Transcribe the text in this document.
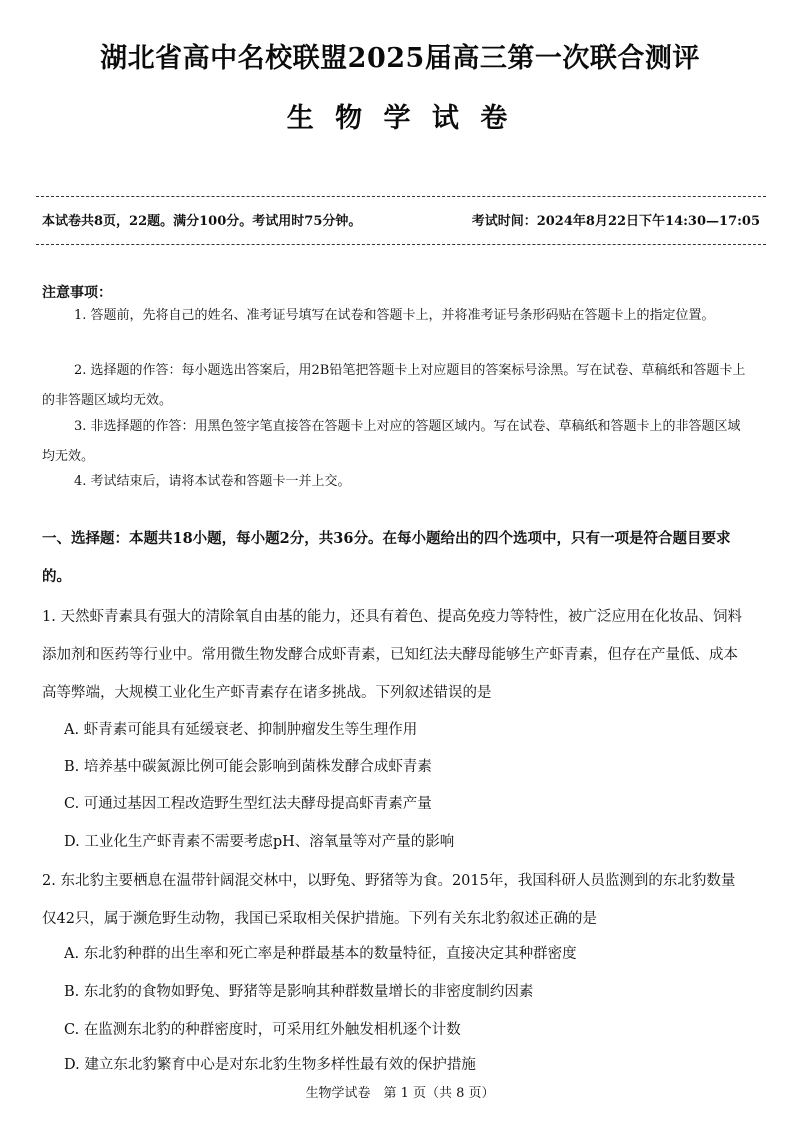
湖北省高中名校联盟2025届高三第一次联合测评
生 物 学 试 卷
本试卷共8页，22题。满分100分。考试用时75分钟。	考试时间：2024年8月22日下午14:30—17:05
注意事项：

1. 答题前，先将自己的姓名、准考证号填写在试卷和答题卡上，并将准考证号条形码贴在答题卡上的指定位置。

2. 选择题的作答：每小题选出答案后，用2B铅笔把答题卡上对应题目的答案标号涂黑。写在试卷、草稿纸和答题卡上的非答题区域均无效。

3. 非选择题的作答：用黑色签字笔直接答在答题卡上对应的答题区域内。写在试卷、草稿纸和答题卡上的非答题区域均无效。

4. 考试结束后，请将本试卷和答题卡一并上交。

一、选择题：本题共18小题，每小题2分，共36分。在每小题给出的四个选项中，只有一项是符合题目要求的。

1. 天然虾青素具有强大的清除氧自由基的能力，还具有着色、提高免疫力等特性，被广泛应用在化妆品、饲料添加剂和医药等行业中。常用微生物发酵合成虾青素，已知红法夫酵母能够生产虾青素，但存在产量低、成本高等弊端，大规模工业化生产虾青素存在诸多挑战。下列叙述错误的是

A. 虾青素可能具有延缓衰老、抑制肿瘤发生等生理作用
B. 培养基中碳氮源比例可能会影响到菌株发酵合成虾青素
C. 可通过基因工程改造野生型红法夫酵母提高虾青素产量
D. 工业化生产虾青素不需要考虑pH、溶氧量等对产量的影响

2. 东北豹主要栖息在温带针阔混交林中，以野兔、野猪等为食。2015年，我国科研人员监测到的东北豹数量仅42只，属于濒危野生动物，我国已采取相关保护措施。下列有关东北豹叙述正确的是

A. 东北豹种群的出生率和死亡率是种群最基本的数量特征，直接决定其种群密度
B. 东北豹的食物如野兔、野猪等是影响其种群数量增长的非密度制约因素
C. 在监测东北豹的种群密度时，可采用红外触发相机逐个计数
D. 建立东北豹繁育中心是对东北豹生物多样性最有效的保护措施
生物学试卷　第 1 页（共 8 页）
